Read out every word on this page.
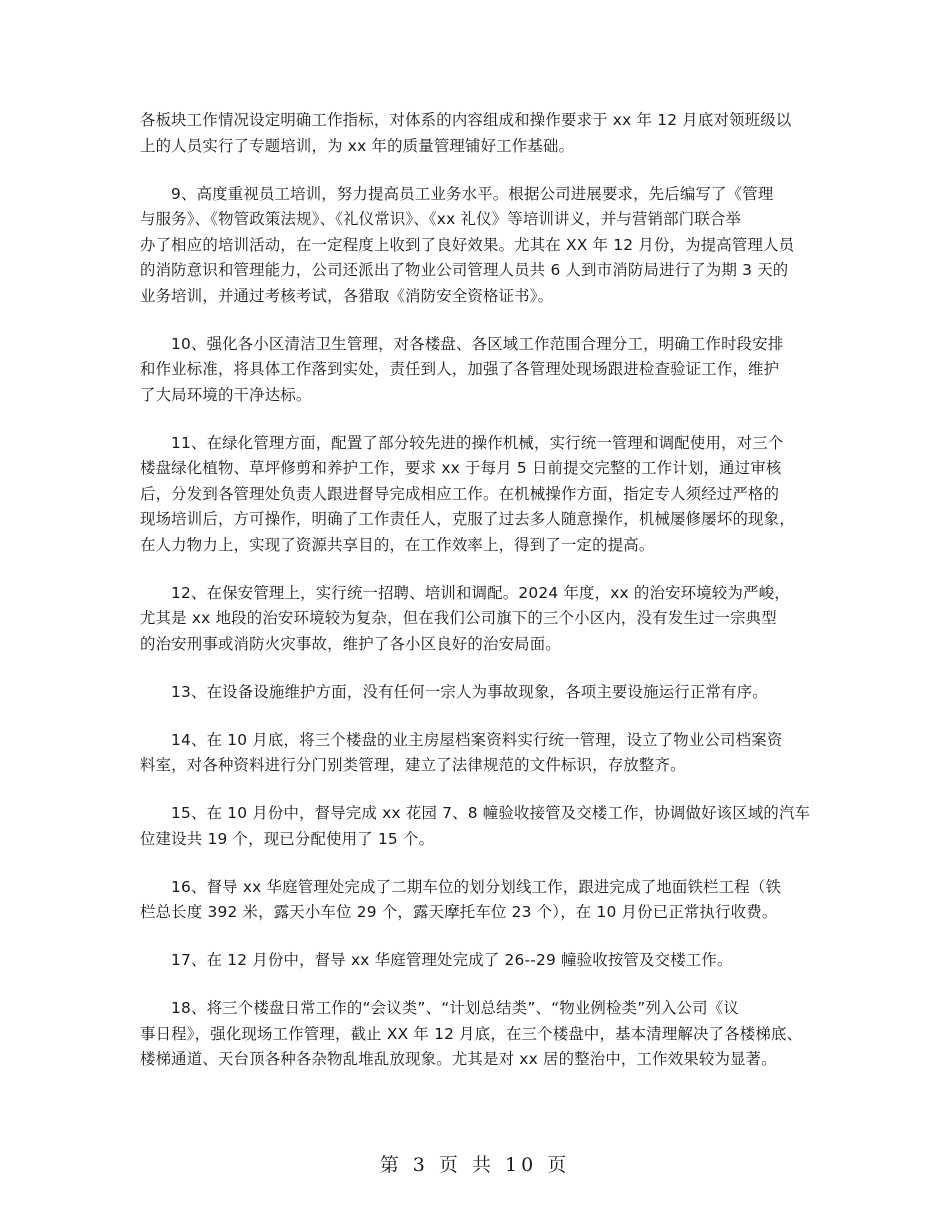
各板块工作情况设定明确工作指标，对体系的内容组成和操作要求于 xx 年 12 月底对领班级以
上的人员实行了专题培训，为 xx 年的质量管理铺好工作基础。

9、高度重视员工培训，努力提高员工业务水平。根据公司进展要求，先后编写了《管理
与服务》、《物管政策法规》、《礼仪常识》、《xx 礼仪》等培训讲义，并与营销部门联合举
办了相应的培训活动，在一定程度上收到了良好效果。尤其在 XX 年 12 月份，为提高管理人员
的消防意识和管理能力，公司还派出了物业公司管理人员共 6 人到市消防局进行了为期 3 天的
业务培训，并通过考核考试，各猎取《消防安全资格证书》。

10、强化各小区清洁卫生管理，对各楼盘、各区域工作范围合理分工，明确工作时段安排
和作业标准，将具体工作落到实处，责任到人，加强了各管理处现场跟进检查验证工作，维护
了大局环境的干净达标。

11、在绿化管理方面，配置了部分较先进的操作机械，实行统一管理和调配使用，对三个
楼盘绿化植物、草坪修剪和养护工作，要求 xx 于每月 5 日前提交完整的工作计划，通过审核
后，分发到各管理处负责人跟进督导完成相应工作。在机械操作方面，指定专人须经过严格的
现场培训后，方可操作，明确了工作责任人，克服了过去多人随意操作，机械屡修屡坏的现象，
在人力物力上，实现了资源共享目的，在工作效率上，得到了一定的提高。

12、在保安管理上，实行统一招聘、培训和调配。2024 年度，xx 的治安环境较为严峻，
尤其是 xx 地段的治安环境较为复杂，但在我们公司旗下的三个小区内，没有发生过一宗典型
的治安刑事或消防火灾事故，维护了各小区良好的治安局面。

13、在设备设施维护方面，没有任何一宗人为事故现象，各项主要设施运行正常有序。

14、在 10 月底，将三个楼盘的业主房屋档案资料实行统一管理，设立了物业公司档案资
料室，对各种资料进行分门别类管理，建立了法律规范的文件标识，存放整齐。

15、在 10 月份中，督导完成 xx 花园 7、8 幢验收接管及交楼工作，协调做好该区域的汽车
位建设共 19 个，现已分配使用了 15 个。

16、督导 xx 华庭管理处完成了二期车位的划分划线工作，跟进完成了地面铁栏工程（铁
栏总长度 392 米，露天小车位 29 个，露天摩托车位 23 个），在 10 月份已正常执行收费。

17、在 12 月份中，督导 xx 华庭管理处完成了 26--29 幢验收按管及交楼工作。

18、将三个楼盘日常工作的“会议类”、“计划总结类”、“物业例检类”列入公司《议
事日程》，强化现场工作管理，截止 XX 年 12 月底，在三个楼盘中，基本清理解决了各楼梯底、
楼梯通道、天台顶各种各杂物乱堆乱放现象。尤其是对 xx 居的整治中，工作效果较为显著。

第 3 页 共 10 页
